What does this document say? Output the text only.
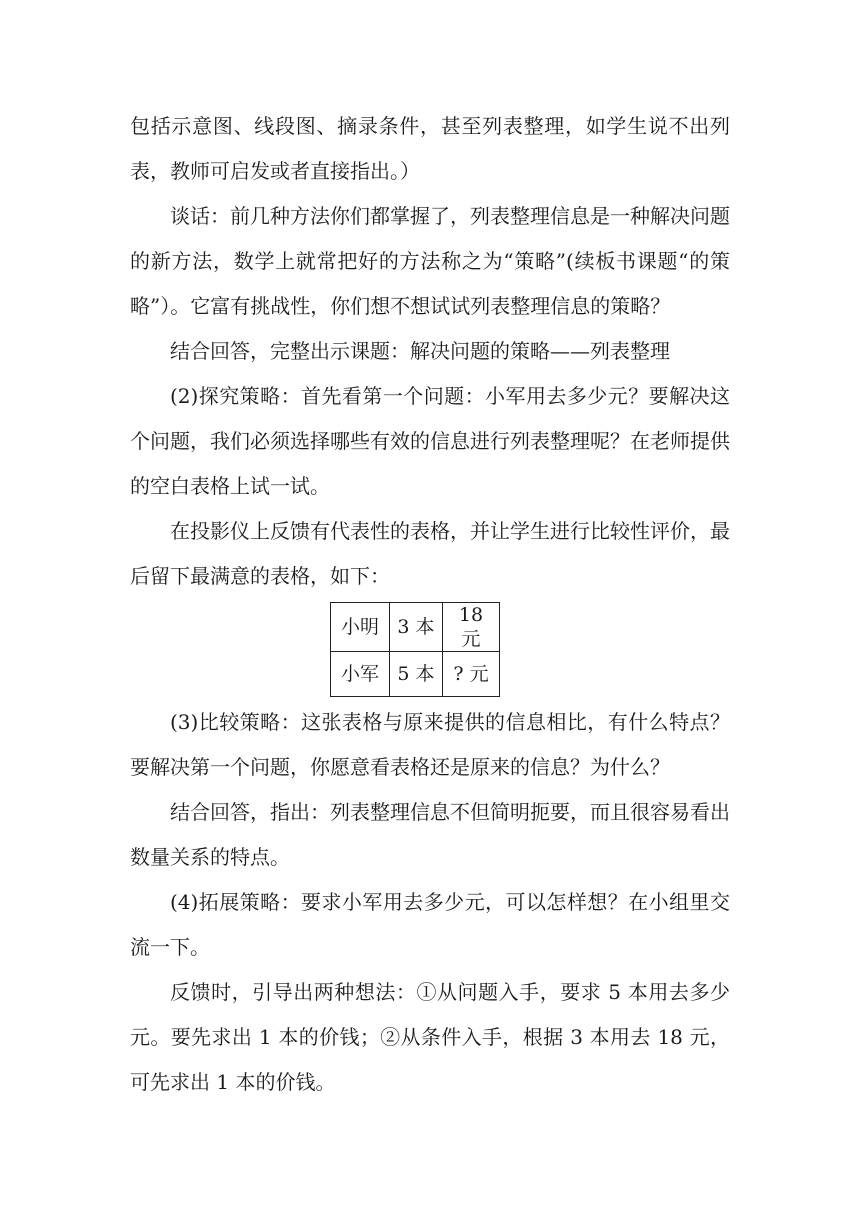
包括示意图、线段图、摘录条件，甚至列表整理，如学生说不出列表，教师可启发或者直接指出。）

谈话：前几种方法你们都掌握了，列表整理信息是一种解决问题的新方法，数学上就常把好的方法称之为“策略”(续板书课题“的策略”）。它富有挑战性，你们想不想试试列表整理信息的策略？

结合回答，完整出示课题：解决问题的策略——列表整理

(2)探究策略：首先看第一个问题：小军用去多少元？要解决这个问题，我们必须选择哪些有效的信息进行列表整理呢？在老师提供的空白表格上试一试。

在投影仪上反馈有代表性的表格，并让学生进行比较性评价，最后留下最满意的表格，如下：

小明	3 本	18 元
小军	5 本	? 元

(3)比较策略：这张表格与原来提供的信息相比，有什么特点？要解决第一个问题，你愿意看表格还是原来的信息？为什么？

结合回答，指出：列表整理信息不但简明扼要，而且很容易看出数量关系的特点。

(4)拓展策略：要求小军用去多少元，可以怎样想？在小组里交流一下。

反馈时，引导出两种想法：①从问题入手，要求 5 本用去多少元。要先求出 1 本的价钱；②从条件入手，根据 3 本用去 18 元，可先求出 1 本的价钱。
